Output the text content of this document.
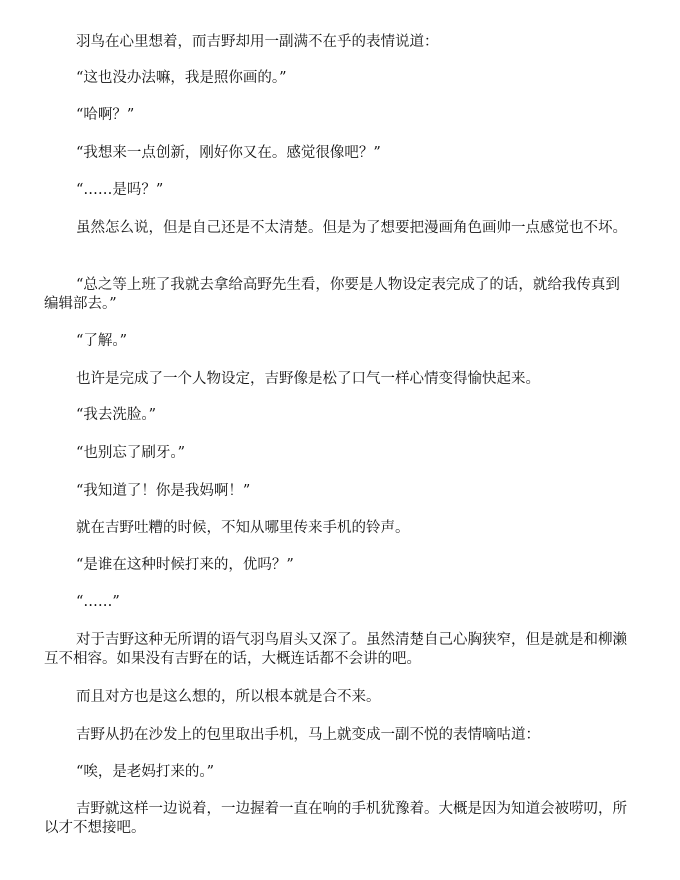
羽鸟在心里想着，而吉野却用一副满不在乎的表情说道：

“这也没办法嘛，我是照你画的。”

“哈啊？”

“我想来一点创新，刚好你又在。感觉很像吧？”

“……是吗？”

虽然怎么说，但是自己还是不太清楚。但是为了想要把漫画角色画帅一点感觉也不坏。

“总之等上班了我就去拿给高野先生看，你要是人物设定表完成了的话，就给我传真到编辑部去。”

“了解。”

也许是完成了一个人物设定，吉野像是松了口气一样心情变得愉快起来。

“我去洗脸。”

“也别忘了刷牙。”

“我知道了！你是我妈啊！”

就在吉野吐糟的时候，不知从哪里传来手机的铃声。

“是谁在这种时候打来的，优吗？”

“……”

对于吉野这种无所谓的语气羽鸟眉头又深了。虽然清楚自己心胸狭窄，但是就是和柳濑互不相容。如果没有吉野在的话，大概连话都不会讲的吧。

而且对方也是这么想的，所以根本就是合不来。

吉野从扔在沙发上的包里取出手机，马上就变成一副不悦的表情嘀咕道：

“唉，是老妈打来的。”

吉野就这样一边说着，一边握着一直在响的手机犹豫着。大概是因为知道会被唠叨，所以才不想接吧。
